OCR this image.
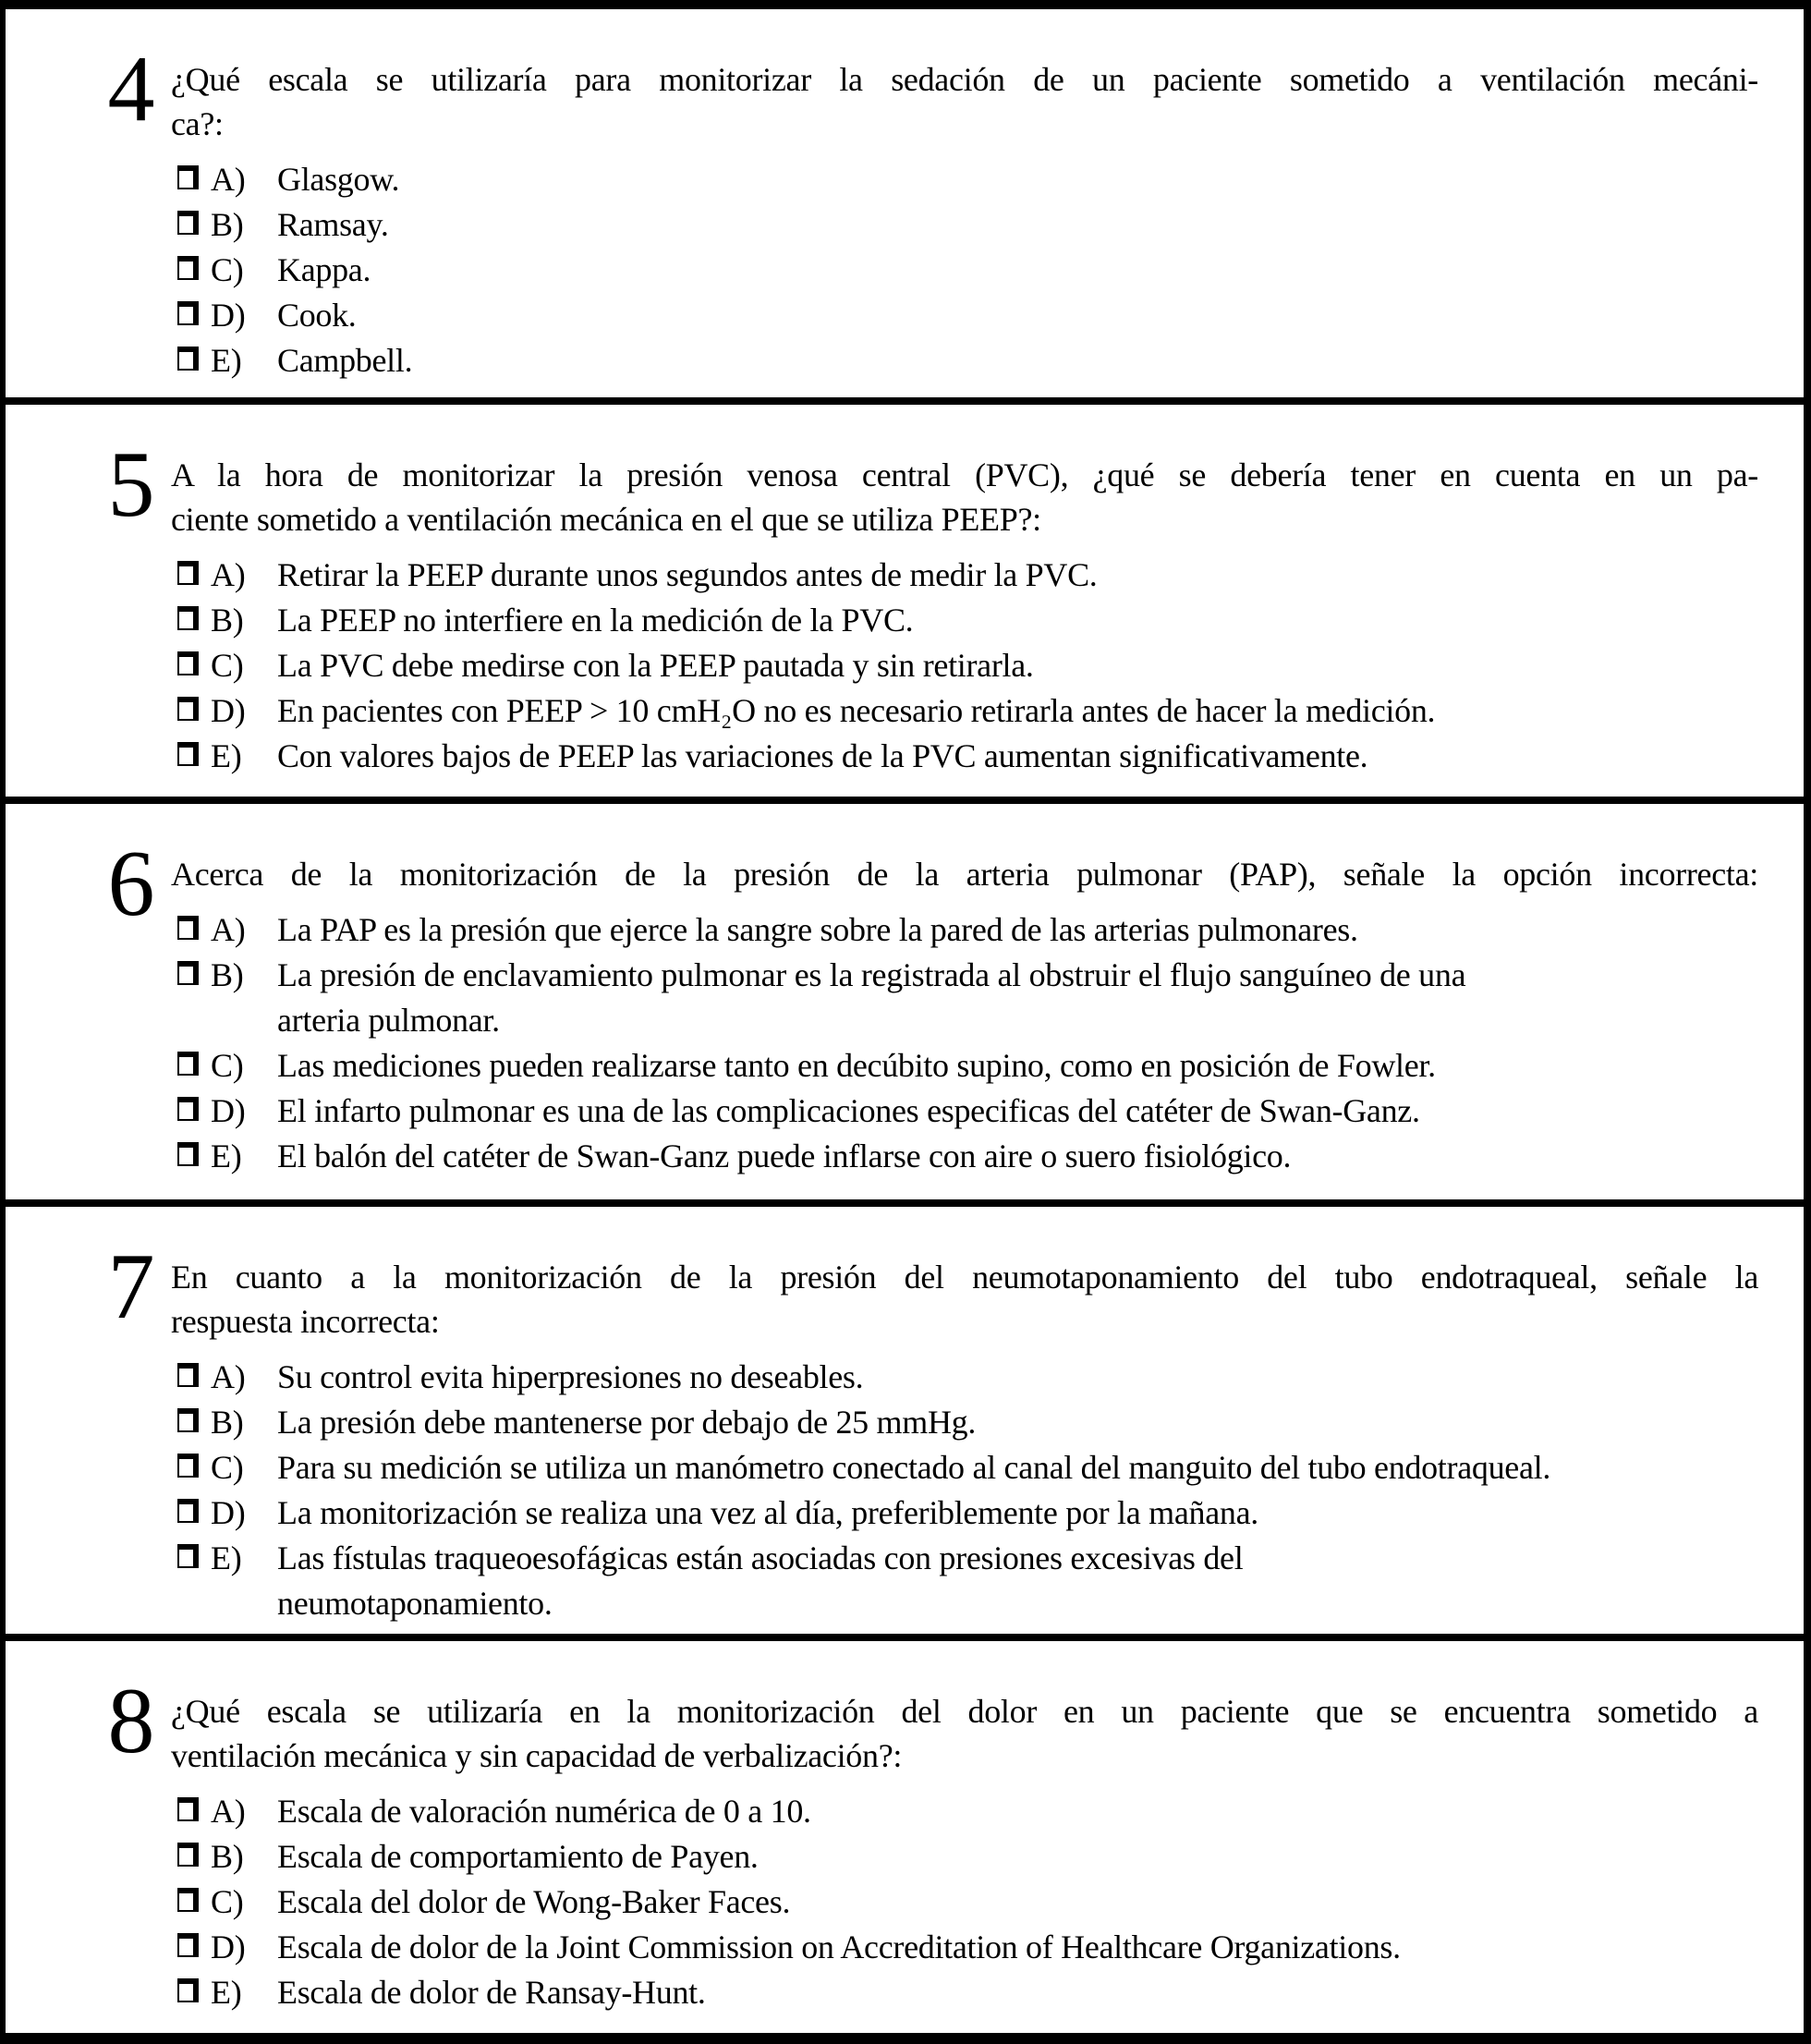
4 ¿Qué escala se utilizaría para monitorizar la sedación de un paciente sometido a ventilación mecáni-
ca?:
A) Glasgow.
B)	Ramsay.
C)	Kappa.
D) Cook.
E)	Campbell.
5 A la hora de monitorizar la presión venosa central (PVC), ¿qué se debería tener en cuenta en un pa-
ciente sometido a ventilación mecánica en el que se utiliza PEEP?:
A) Retirar la PEEP durante unos segundos antes de medir la PVC.
B)	La PEEP no interfiere en la medición de la PVC.
C)	La PVC debe medirse con la PEEP pautada y sin retirarla.
D) En pacientes con PEEP > 10 cmH₂O no es necesario retirarla antes de hacer la medición.
E)	Con valores bajos de PEEP las variaciones de la PVC aumentan significativamente.
6 Acerca de la monitorización de la presión de la arteria pulmonar (PAP), señale la opción incorrecta:
A) La PAP es la presión que ejerce la sangre sobre la pared de las arterias pulmonares.
B)	La presión de enclavamiento pulmonar es la registrada al obstruir el flujo sanguíneo de una
arteria pulmonar.
C)	Las mediciones pueden realizarse tanto en decúbito supino, como en posición de Fowler.
D) El infarto pulmonar es una de las complicaciones especificas del catéter de Swan-Ganz.
E)	El balón del catéter de Swan-Ganz puede inflarse con aire o suero fisiológico.
7 En cuanto a la monitorización de la presión del neumotaponamiento del tubo endotraqueal, señale la
respuesta incorrecta:
A) Su control evita hiperpresiones no deseables.
B)	La presión debe mantenerse por debajo de 25 mmHg.
C)	Para su medición se utiliza un manómetro conectado al canal del manguito del tubo endotraqueal.
D) La monitorización se realiza una vez al día, preferiblemente por la mañana.
E)	Las fístulas traqueoesofágicas están asociadas con presiones excesivas del
neumotaponamiento.
8 ¿Qué escala se utilizaría en la monitorización del dolor en un paciente que se encuentra sometido a
ventilación mecánica y sin capacidad de verbalización?:
A) Escala de valoración numérica de 0 a 10.
B)	Escala de comportamiento de Payen.
C)	Escala del dolor de Wong-Baker Faces.
D) Escala de dolor de la Joint Commission on Accreditation of Healthcare Organizations.
E)	Escala de dolor de Ransay-Hunt.
